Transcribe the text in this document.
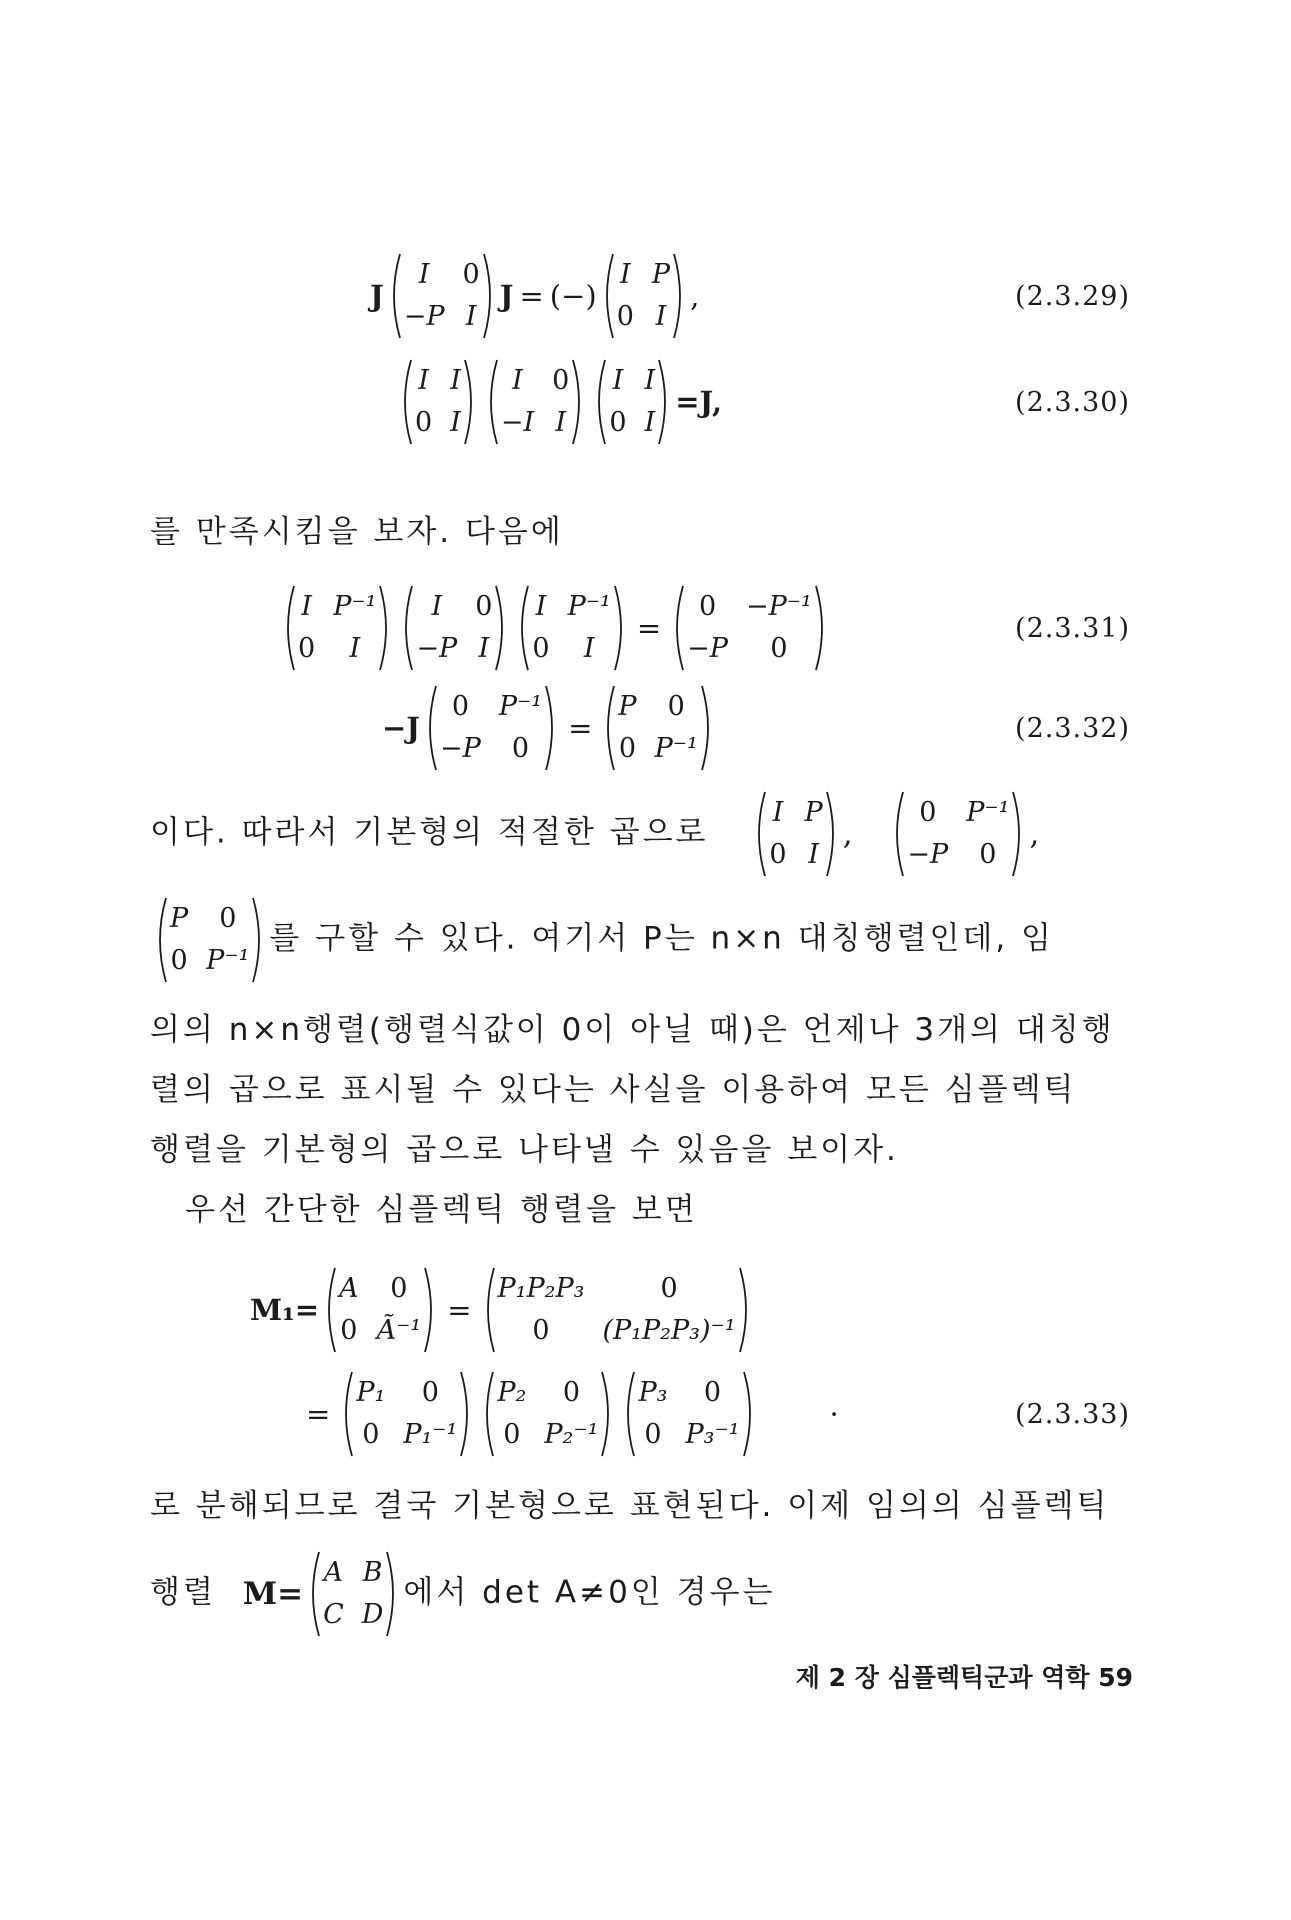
J
I	0
−P I
J = (−)
I P
0 I
,	(2.3.29)
I I
0 I
I	0
−I I
I I
0 I
=J,	(2.3.30)
를 만족시킴을 보자. 다음에
I P⁻¹
0	I
I	0
−P I
I P⁻¹
0	I
=
0	−P⁻¹
−P	0
(2.3.31)
−J
0	P⁻¹
−P	0
=
P	0
0 P⁻¹
(2.3.32)
이다. 따라서 기본형의 적절한 곱으로
I P
0 I
,
0	P⁻¹
−P	0
,
P	0
0 P⁻¹
를 구할 수 있다. 여기서 P는 n×n 대칭행렬인데, 임
의의 n×n행렬(행렬식값이 0이 아닐 때)은 언제나 3개의 대칭행
렬의 곱으로 표시될 수 있다는 사실을 이용하여 모든 심플렉틱
행렬을 기본형의 곱으로 나타낼 수 있음을 보이자.
우선 간단한 심플렉틱 행렬을 보면
M₁=
A	0
0 Ã⁻¹
=
P₁P₂P₃	0
0	(P₁P₂P₃)⁻¹
=
P₁	0
0 P₁⁻¹
P₂	0
0 P₂⁻¹
P₃	0
0 P₃⁻¹
·	(2.3.33)
로 분해되므로 결국 기본형으로 표현된다. 이제 임의의 심플렉틱
행렬 M=
A B
C D
에서 det A≠0인 경우는
제 2 장 심플렉틱군과 역학 59
